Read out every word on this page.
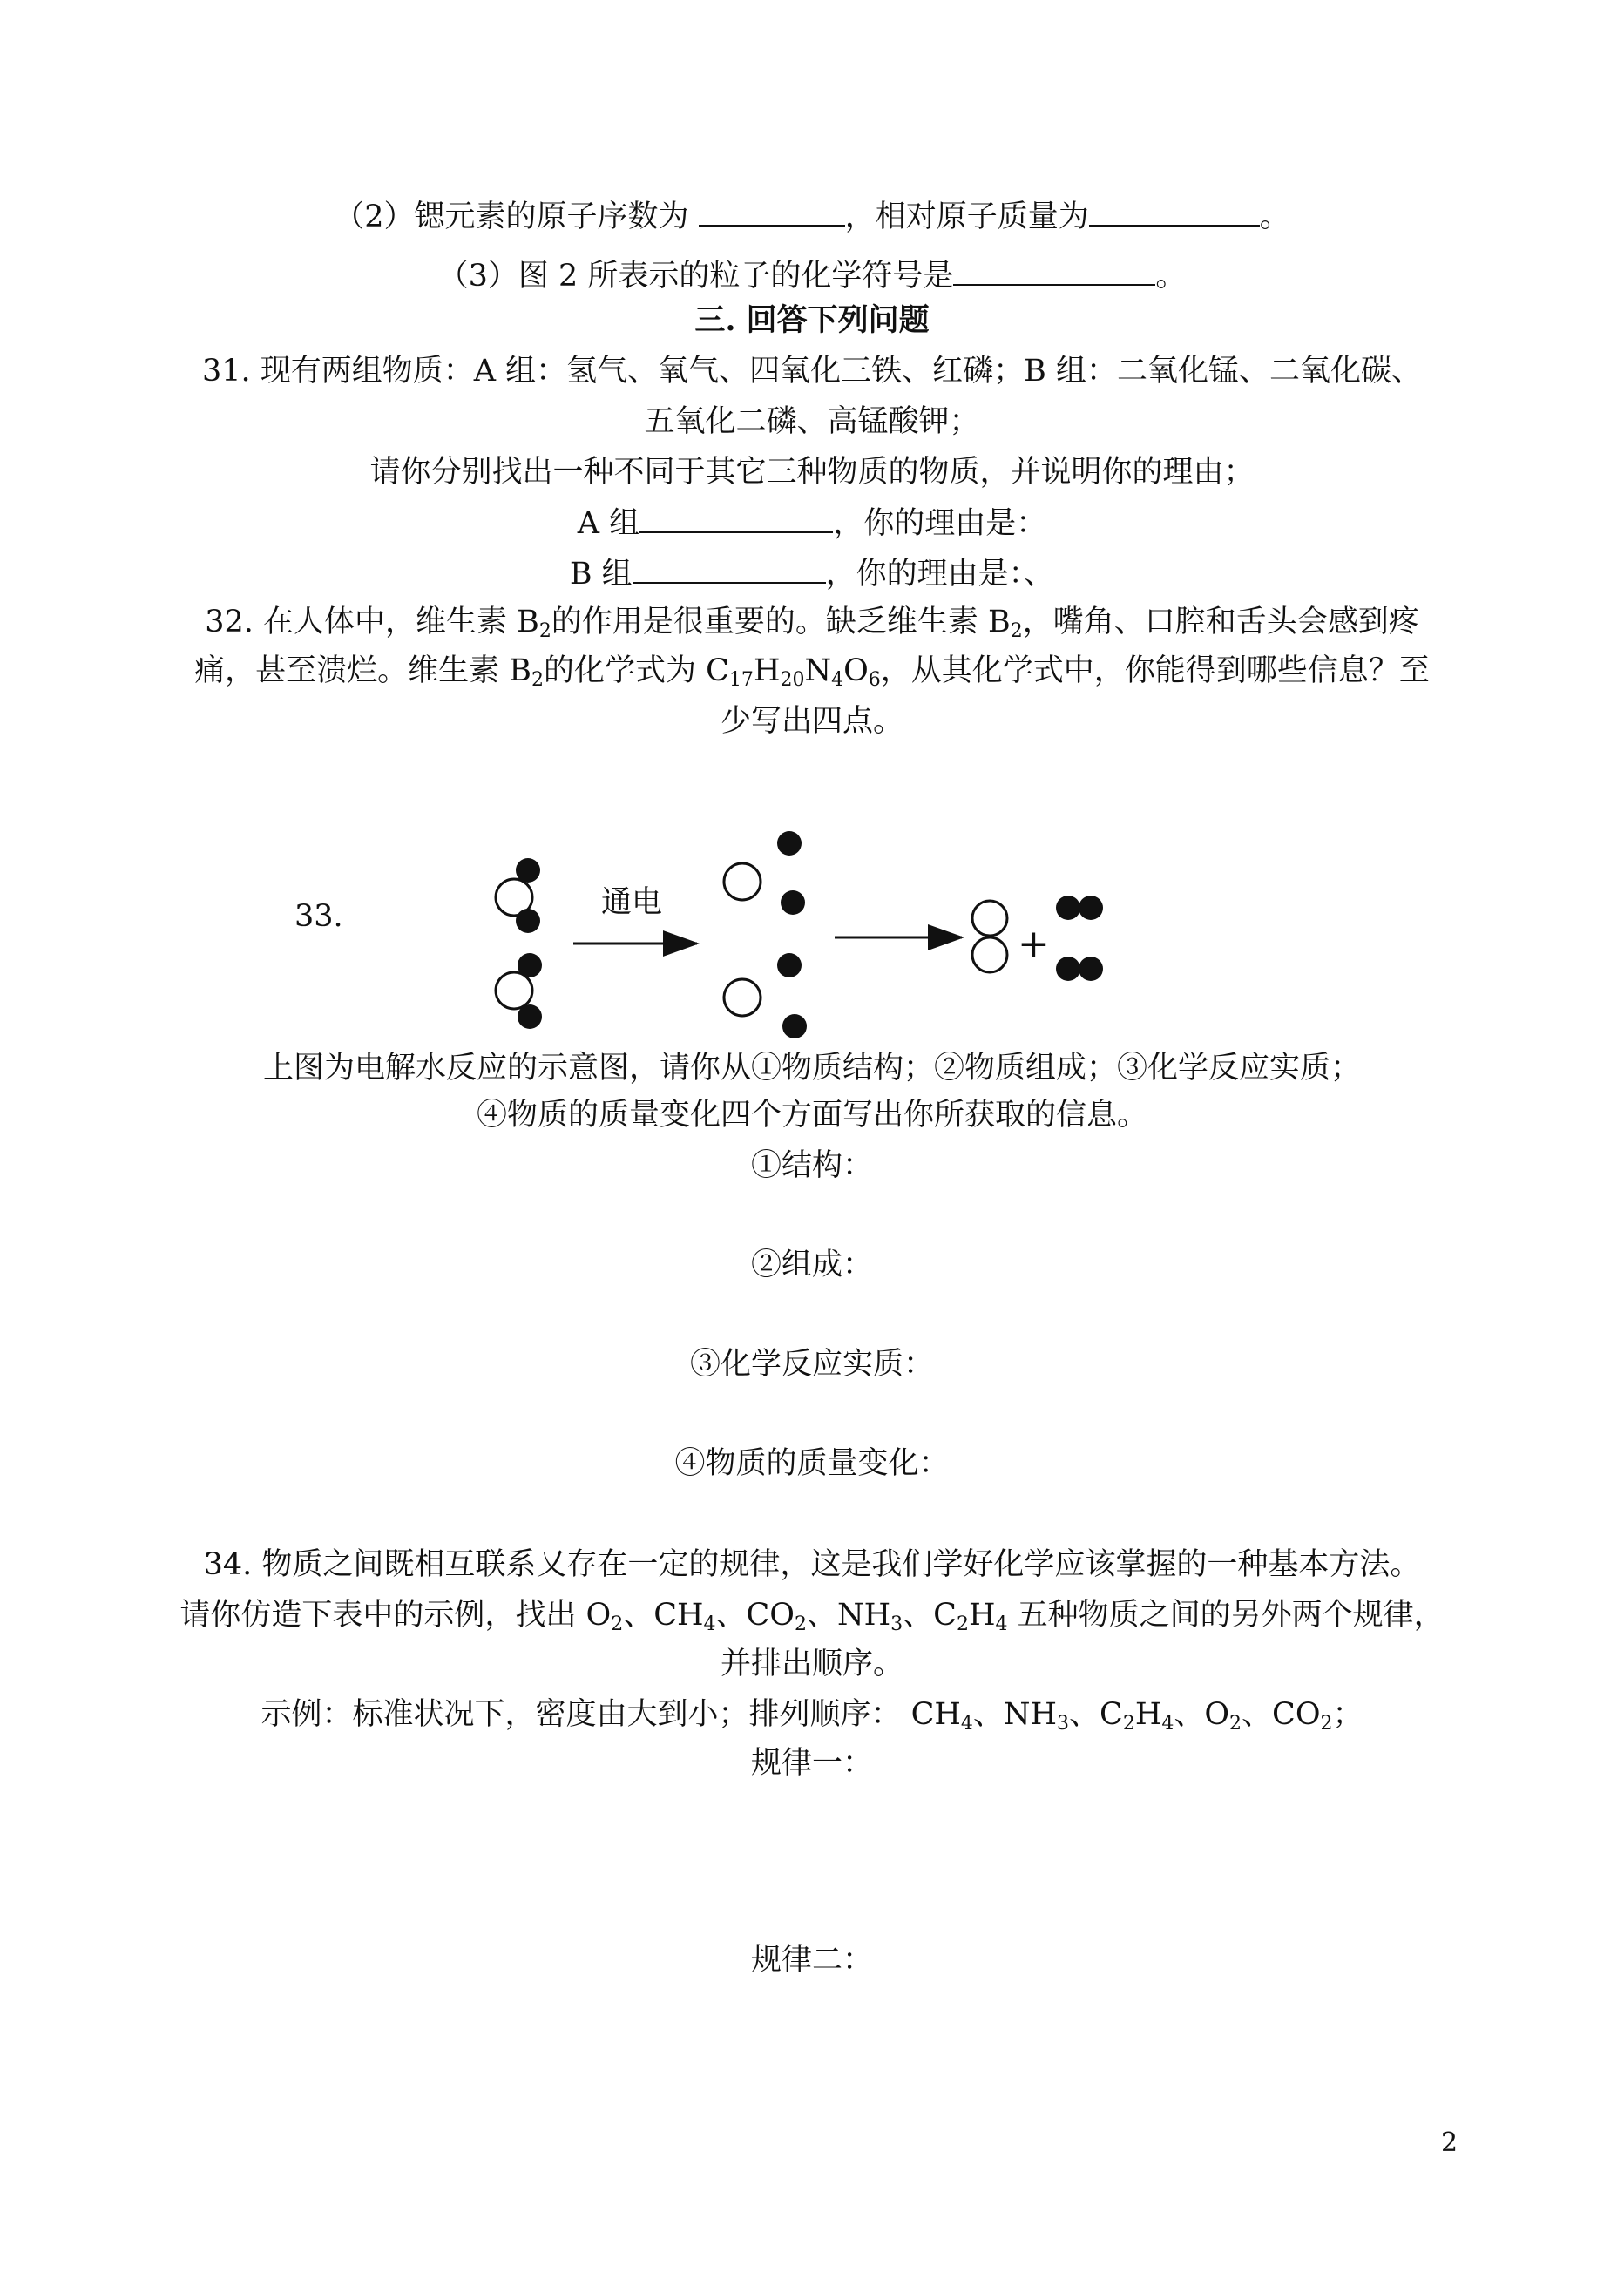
（2）锶元素的原子序数为	，相对原子质量为	。
（3）图 2 所表示的粒子的化学符号是	。
三. 回答下列问题
31. 现有两组物质：A 组：氢气、氧气、四氧化三铁、红磷；B 组：二氧化锰、二氧化碳、
五氧化二磷、高锰酸钾；
请你分别找出一种不同于其它三种物质的物质，并说明你的理由；
A 组	，你的理由是：
B 组	，你的理由是：、
32. 在人体中，维生素 $B_2$的作用是很重要的。缺乏维生素 $B_2$，嘴角、口腔和舌头会感到疼
痛，甚至溃烂。维生素 $B_2$的化学式为 $C_{17}H_{20}N_4O_6$，从其化学式中，你能得到哪些信息？至
少写出四点。
33.	通电
+
上图为电解水反应的示意图，请你从①物质结构；②物质组成；③化学反应实质；
④物质的质量变化四个方面写出你所获取的信息。
①结构：
②组成：
③化学反应实质：
④物质的质量变化：
34. 物质之间既相互联系又存在一定的规律，这是我们学好化学应该掌握的一种基本方法。
请你仿造下表中的示例，找出 $O_2$、$CH_4$、$CO_2$、$NH_3$、$C_2H_4$ 五种物质之间的另外两个规律，
并排出顺序。
示例：标准状况下，密度由大到小；排列顺序： $CH_4$、$NH_3$、$C_2H_4$、$O_2$、$CO_2$；
规律一：
规律二：
2
